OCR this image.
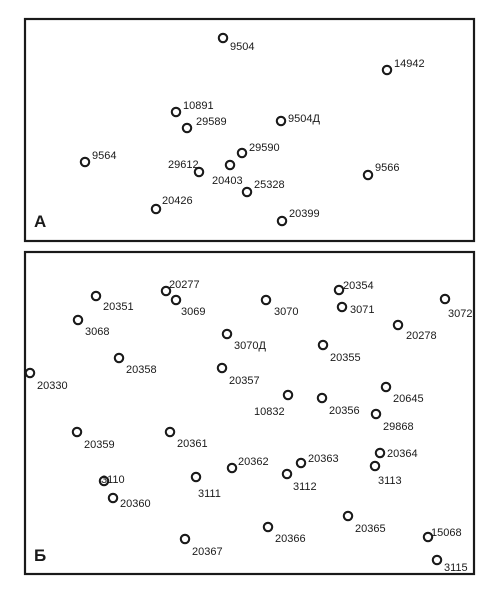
А
9504
14942
10891
29589	9504Д
9564
29590
29612
20403 25328
9566
20426
20399
Б
20277	20354
20351	3069	3070	3071	3072
3068	20278
3070Д
20355
20358
20357
20330
20645
10832	20356
29868
20359	20361
20364
20363
20362
3110	3113
3111
3112
20360
20365	15068
20366
20367
3115
